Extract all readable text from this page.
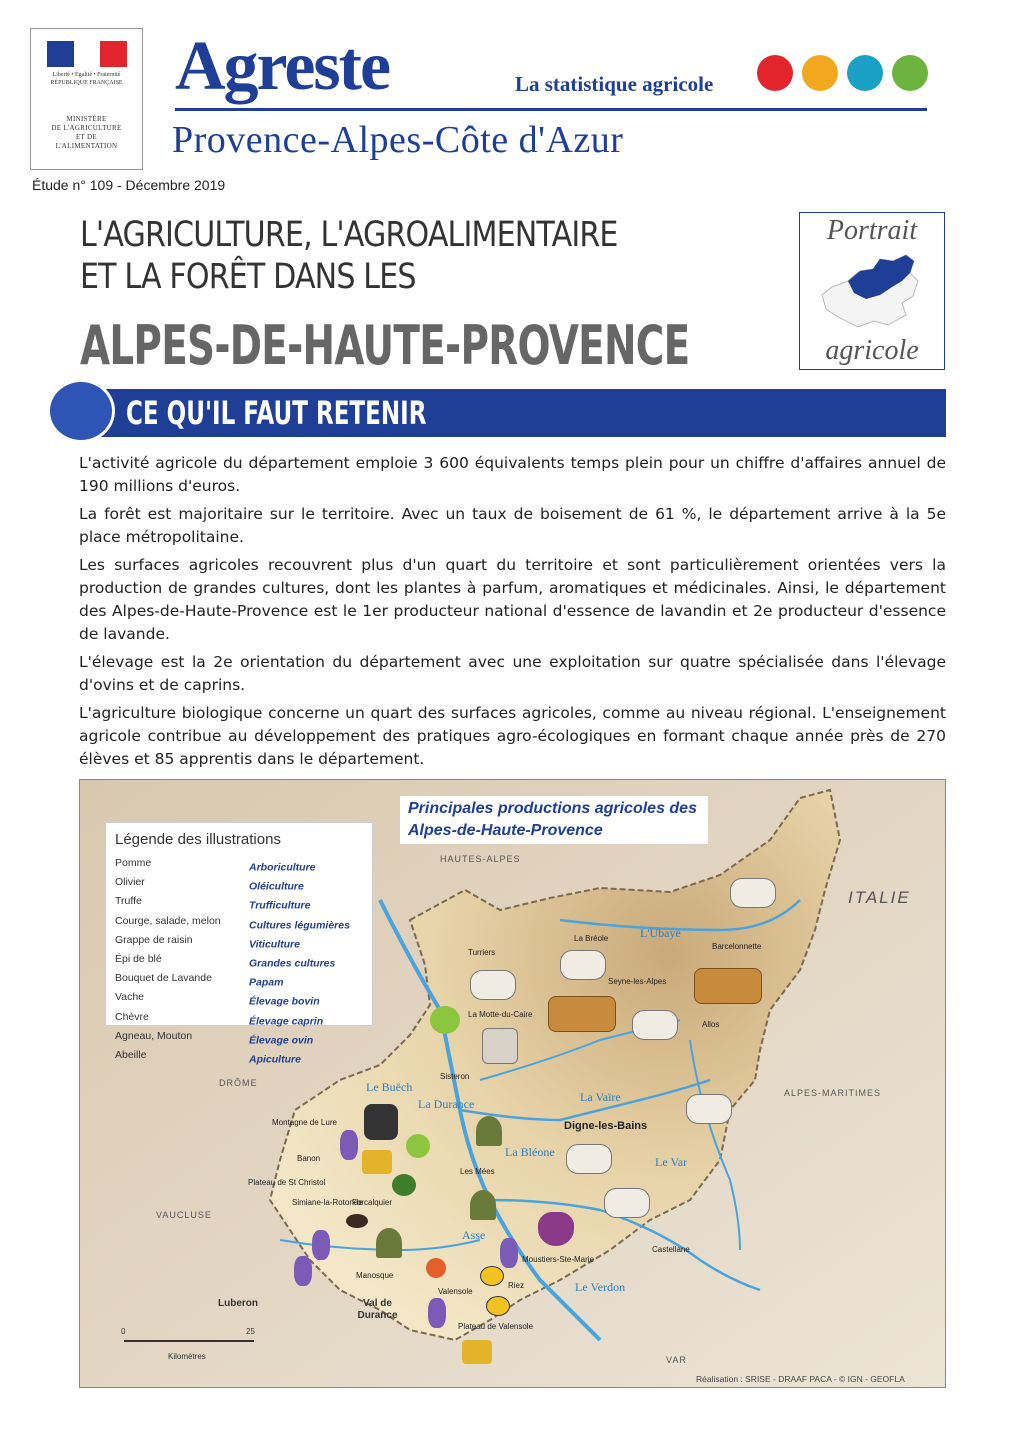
Liberté • Égalité • Fraternité
RÉPUBLIQUE FRANÇAISE
MINISTÈRE
DE L'AGRICULTURE
ET DE
L'ALIMENTATION
Agreste	La statistique agricole
Provence-Alpes-Côte d'Azur
Étude n° 109 - Décembre 2019
L'AGRICULTURE, L'AGROALIMENTAIRE
ET LA FORÊT DANS LES
ALPES-DE-HAUTE-PROVENCE
Portrait
agricole
CE QU'IL FAUT RETENIR

L'activité agricole du département emploie 3 600 équivalents temps plein pour un chiffre d'affaires annuel de 190 millions d'euros.

La forêt est majoritaire sur le territoire. Avec un taux de boisement de 61 %, le département arrive à la 5e place métropolitaine.

Les surfaces agricoles recouvrent plus d'un quart du territoire et sont particulièrement orientées vers la production de grandes cultures, dont les plantes à parfum, aromatiques et médicinales. Ainsi, le département des Alpes-de-Haute-Provence est le 1er producteur national d'essence de lavandin et 2e producteur d'essence de lavande.

L'élevage est la 2e orientation du département avec une exploitation sur quatre spécialisée dans l'élevage d'ovins et de caprins.

L'agriculture biologique concerne un quart des surfaces agricoles, comme au niveau régional. L'enseignement agricole contribue au développement des pratiques agro-écologiques en formant chaque année près de 270 élèves et 85 apprentis dans le département.

Principales productions agricoles des Alpes-de-Haute-Provence
Légende des illustrations
Pomme	Arboriculture
Olivier	Oléiculture
Truffe	Trufficulture
Courge, salade, melon	Cultures légumières
Grappe de raisin	Viticulture
Épi de blé	Grandes cultures
Bouquet de Lavande	Papam
Vache	Élevage bovin
Chèvre	Élevage caprin
Agneau, Mouton	Élevage ovin
Abeille	Apiculture
HAUTES-ALPES
ITALIE
DRÔME
ALPES-MARITIMES
VAUCLUSE
VAR
La Bréole
Barcelonnette
Turriers
Seyne-les-Alpes
La Motte-du-Caire
Allos
Sisteron
Digne-les-Bains
Les Mées
Banon
Simiane-la-Rotonde
Forcalquier
Manosque
Valensole
Riez
Moustiers-Ste-Marie
Castellane
Montagne de Lure
Plateau de St Christol
Plateau de Valensole
L'Ubaye
Le Buëch
La Durance
La Bléone
Asse
Le Verdon
La Vaïre
Le Var
Luberon	Val de Durance
0	25
Kilomètres
Réalisation : SRISE - DRAAF PACA - © IGN - GEOFLA
